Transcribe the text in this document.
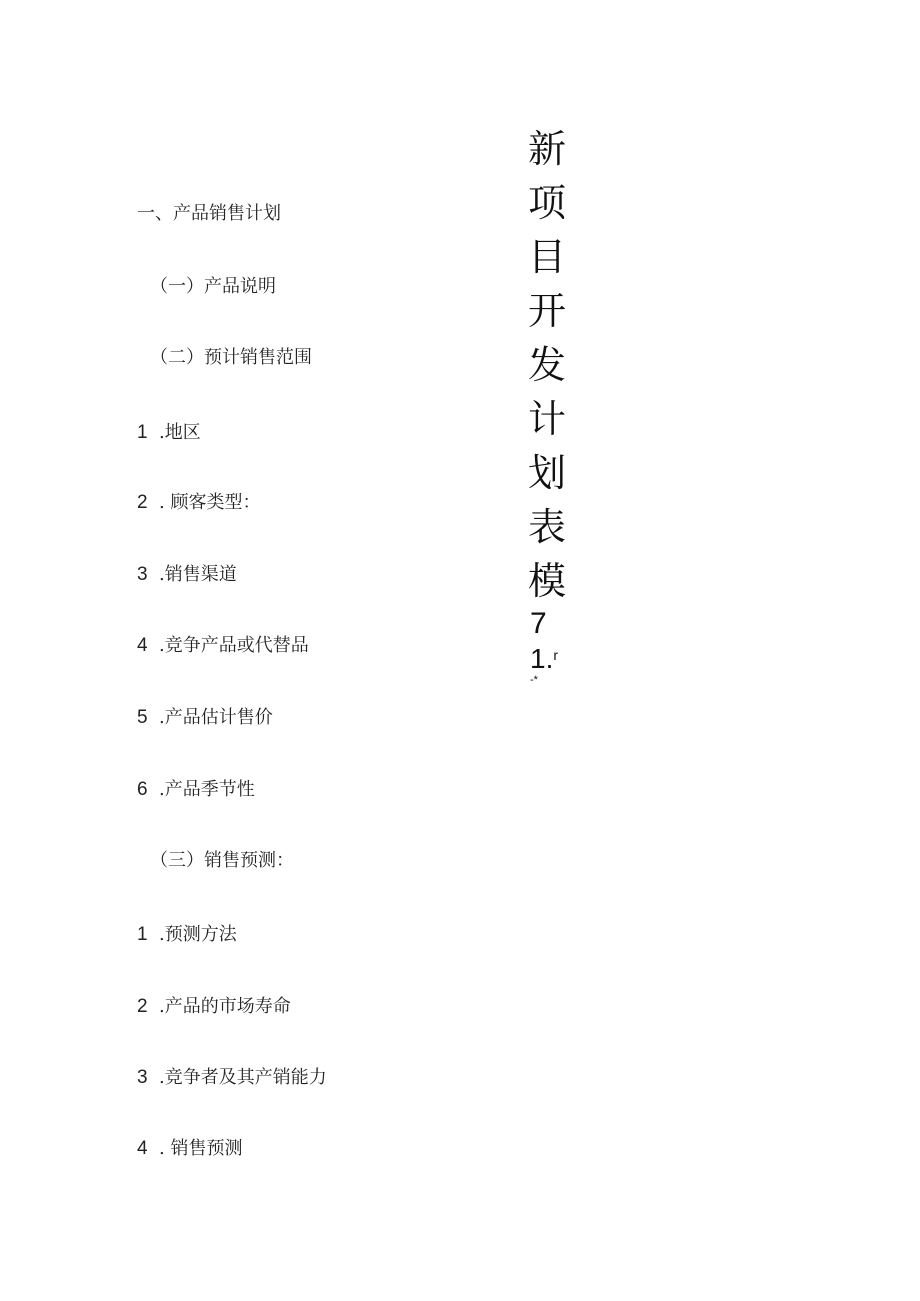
新
项
目
开
发
计
划
表
模
7
1.$^r$
-*
一、产品销售计划
（一）产品说明
（二）预计销售范围
1 .地区
2 . 顾客类型：
3 .销售渠道
4 .竞争产品或代替品
5 .产品估计售价
6 .产品季节性
（三）销售预测：
1 .预测方法
2 .产品的市场寿命
3 .竞争者及其产销能力
4 . 销售预测
